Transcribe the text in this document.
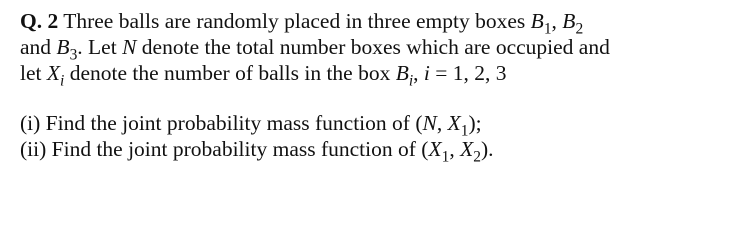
Q. 2 Three balls are randomly placed in three empty boxes $B_1$, $B_2$
and $B_3$. Let N denote the total number boxes which are occupied and
let $X_i$ denote the number of balls in the box $B_i$, i = 1, 2, 3
(i) Find the joint probability mass function of (N, $X_1$);
(ii) Find the joint probability mass function of ($X_1$, $X_2$).
